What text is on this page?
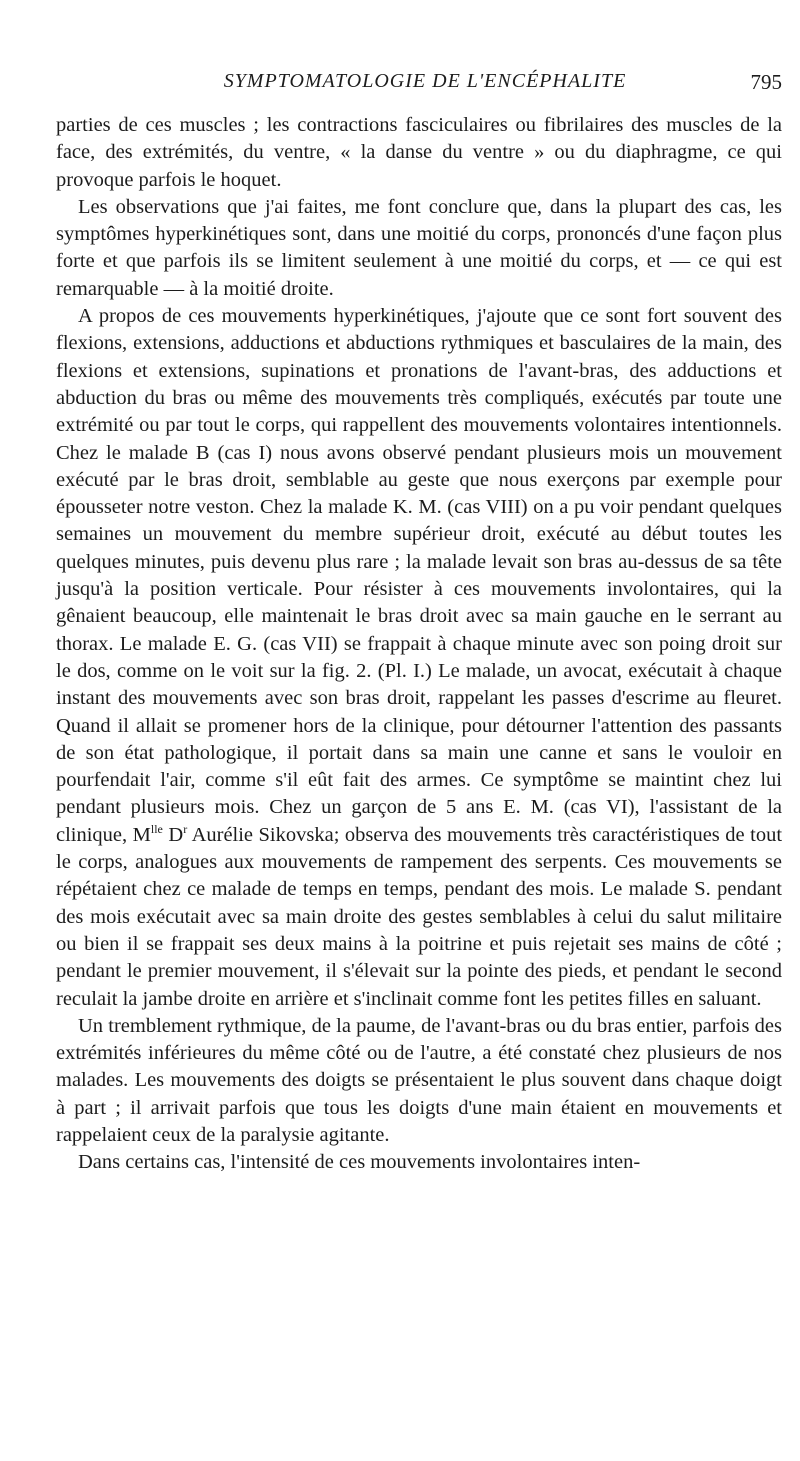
SYMPTOMATOLOGIE DE L'ENCÉPHALITE	795

parties de ces muscles ; les contractions fasciculaires ou fibrilaires des muscles de la face, des extrémités, du ventre, « la danse du ventre » ou du diaphragme, ce qui provoque parfois le hoquet.

Les observations que j'ai faites, me font conclure que, dans la plupart des cas, les symptômes hyperkinétiques sont, dans une moitié du corps, prononcés d'une façon plus forte et que parfois ils se limitent seulement à une moitié du corps, et — ce qui est remarquable — à la moitié droite.

A propos de ces mouvements hyperkinétiques, j'ajoute que ce sont fort souvent des flexions, extensions, adductions et abductions rythmiques et basculaires de la main, des flexions et extensions, supinations et pronations de l'avant-bras, des adductions et abduction du bras ou même des mouvements très compliqués, exécutés par toute une extrémité ou par tout le corps, qui rappellent des mouvements volontaires intentionnels. Chez le malade B (cas I) nous avons observé pendant plusieurs mois un mouvement exécuté par le bras droit, semblable au geste que nous exerçons par exemple pour épousseter notre veston. Chez la malade K. M. (cas VIII) on a pu voir pendant quelques semaines un mouvement du membre supérieur droit, exécuté au début toutes les quelques minutes, puis devenu plus rare ; la malade levait son bras au-dessus de sa tête jusqu'à la position verticale. Pour résister à ces mouvements involontaires, qui la gênaient beaucoup, elle maintenait le bras droit avec sa main gauche en le serrant au thorax. Le malade E. G. (cas VII) se frappait à chaque minute avec son poing droit sur le dos, comme on le voit sur la fig. 2. (Pl. I.) Le malade, un avocat, exécutait à chaque instant des mouvements avec son bras droit, rappelant les passes d'escrime au fleuret. Quand il allait se promener hors de la clinique, pour détourner l'attention des passants de son état pathologique, il portait dans sa main une canne et sans le vouloir en pourfendait l'air, comme s'il eût fait des armes. Ce symptôme se maintint chez lui pendant plusieurs mois. Chez un garçon de 5 ans E. M. (cas VI), l'assistant de la clinique, $M^{lle}$ $D^r$ Aurélie Sikovska; observa des mouvements très caractéristiques de tout le corps, analogues aux mouvements de rampement des serpents. Ces mouvements se répétaient chez ce malade de temps en temps, pendant des mois. Le malade S. pendant des mois exécutait avec sa main droite des gestes semblables à celui du salut militaire ou bien il se frappait ses deux mains à la poitrine et puis rejetait ses mains de côté ; pendant le premier mouvement, il s'élevait sur la pointe des pieds, et pendant le second reculait la jambe droite en arrière et s'inclinait comme font les petites filles en saluant.

Un tremblement rythmique, de la paume, de l'avant-bras ou du bras entier, parfois des extrémités inférieures du même côté ou de l'autre, a été constaté chez plusieurs de nos malades. Les mouvements des doigts se présentaient le plus souvent dans chaque doigt à part ; il arrivait parfois que tous les doigts d'une main étaient en mouvements et rappelaient ceux de la paralysie agitante.

Dans certains cas, l'intensité de ces mouvements involontaires inten-
